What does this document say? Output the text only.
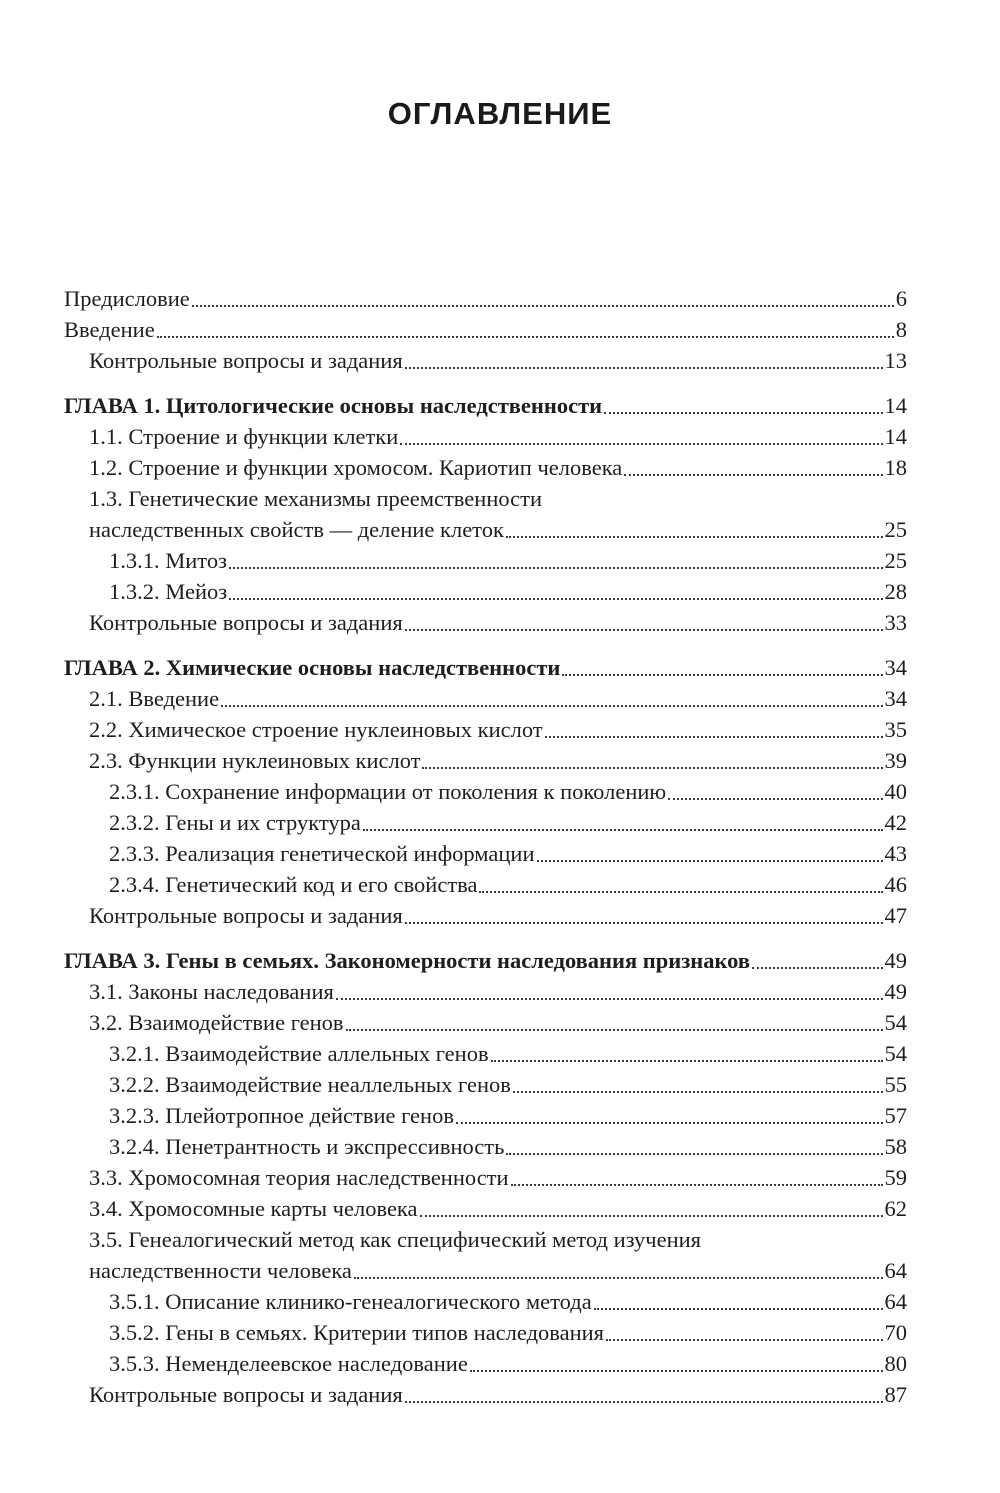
ОГЛАВЛЕНИЕ
Предисловие	6
Введение	8
Контрольные вопросы и задания	13
ГЛАВА 1. Цитологические основы наследственности	14
1.1. Строение и функции клетки	14
1.2. Строение и функции хромосом. Кариотип человека	18
1.3. Генетические механизмы преемственности
наследственных свойств — деление клеток	25
1.3.1. Митоз	25
1.3.2. Мейоз	28
Контрольные вопросы и задания	33
ГЛАВА 2. Химические основы наследственности	34
2.1. Введение	34
2.2. Химическое строение нуклеиновых кислот	35
2.3. Функции нуклеиновых кислот	39
2.3.1. Сохранение информации от поколения к поколению	40
2.3.2. Гены и их структура	42
2.3.3. Реализация генетической информации	43
2.3.4. Генетический код и его свойства	46
Контрольные вопросы и задания	47
ГЛАВА 3. Гены в семьях. Закономерности наследования признаков	49
3.1. Законы наследования	49
3.2. Взаимодействие генов	54
3.2.1. Взаимодействие аллельных генов	54
3.2.2. Взаимодействие неаллельных генов	55
3.2.3. Плейотропное действие генов	57
3.2.4. Пенетрантность и экспрессивность	58
3.3. Хромосомная теория наследственности	59
3.4. Хромосомные карты человека	62
3.5. Генеалогический метод как специфический метод изучения
наследственности человека	64
3.5.1. Описание клинико-генеалогического метода	64
3.5.2. Гены в семьях. Критерии типов наследования	70
3.5.3. Неменделеевское наследование	80
Контрольные вопросы и задания	87
